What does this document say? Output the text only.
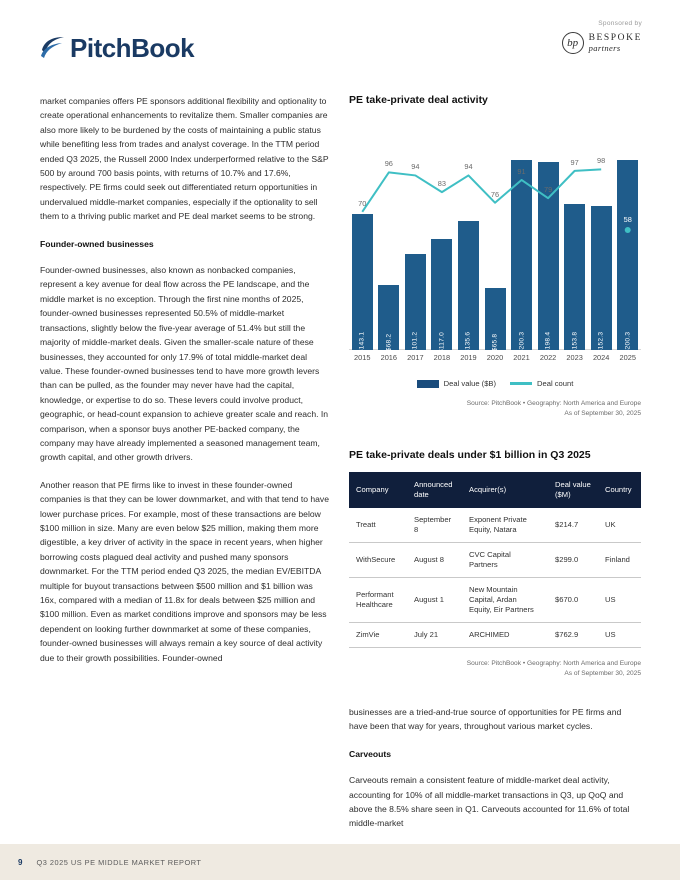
PitchBook
Sponsored by
bp	BESPOKE
partners

market companies offers PE sponsors additional flexibility and optionality to create operational enhancements to revitalize them. Smaller companies are also more likely to be burdened by the costs of maintaining a public status while benefiting less from trades and analyst coverage. In the TTM period ended Q3 2025, the Russell 2000 Index underperformed relative to the S&P 500 by around 700 basis points, with returns of 10.7% and 17.6%, respectively. PE firms could seek out differentiated return opportunities in undervalued middle-market companies, especially if the optionality to sell them to a thriving public market and PE deal market seems to be strong.

Founder-owned businesses

Founder-owned businesses, also known as nonbacked companies, represent a key avenue for deal flow across the PE landscape, and the middle market is no exception. Through the first nine months of 2025, founder-owned businesses represented 50.5% of middle-market transactions, slightly below the five-year average of 51.4% but still the majority of middle-market deals. Given the smaller-scale nature of these businesses, they accounted for only 17.9% of total middle-market deal value. These founder-owned businesses tend to have more growth levers than can be pulled, as the founder may never have had the capital, knowledge, or expertise to do so. These levers could involve product, geographic, or head-count expansion to achieve greater scale and reach. In comparison, when a sponsor buys another PE-backed company, the company may have already implemented a seasoned management team, growth capital, and other growth drivers.

Another reason that PE firms like to invest in these founder-owned companies is that they can be lower downmarket, and with that tend to have lower purchase prices. For example, most of these transactions are below $100 million in size. Many are even below $25 million, making them more digestible, a key driver of activity in the space in recent years, when higher borrowing costs plagued deal activity and pushed many sponsors downmarket. For the TTM period ended Q3 2025, the median EV/EBITDA multiple for buyout transactions between $500 million and $1 billion was 16x, compared with a median of 11.8x for deals between $25 million and $100 million. Even as market conditions improve and sponsors may be less dependent on looking further downmarket at some of these companies, founder-owned businesses will always remain a key source of deal activity due to their growth possibilities. Founder-owned

PE take-private deal activity
$143.1	$68.2	$101.2	$117.0	$135.6	$65.8	$200.3	$198.4	$153.8	$152.3	$200.3
70
96 94
83
94
76
91
79
97 98
58
2015	2016	2017	2018	2019	2020	2021	2022	2023	2024	2025
Deal value ($B)	Deal count
Source: PitchBook • Geography: North America and Europe
As of September 30, 2025
PE take-private deals under $1 billion in Q3 2025
Company	Announced date	Acquirer(s)	Deal value ($M)	Country
Treatt	September 8	Exponent Private Equity, Natara	$214.7	UK
WithSecure	August 8	CVC Capital Partners	$299.0	Finland
Performant Healthcare	August 1	New Mountain Capital, Ardan Equity, Eir Partners	$670.0	US
ZimVie	July 21	ARCHIMED	$762.9	US
Source: PitchBook • Geography: North America and Europe
As of September 30, 2025

businesses are a tried-and-true source of opportunities for PE firms and have been that way for years, throughout various market cycles.

Carveouts

Carveouts remain a consistent feature of middle-market deal activity, accounting for 10% of all middle-market transactions in Q3, up QoQ and above the 8.5% share seen in Q1. Carveouts accounted for 11.6% of total middle-market

9 Q3 2025 US PE MIDDLE MARKET REPORT
